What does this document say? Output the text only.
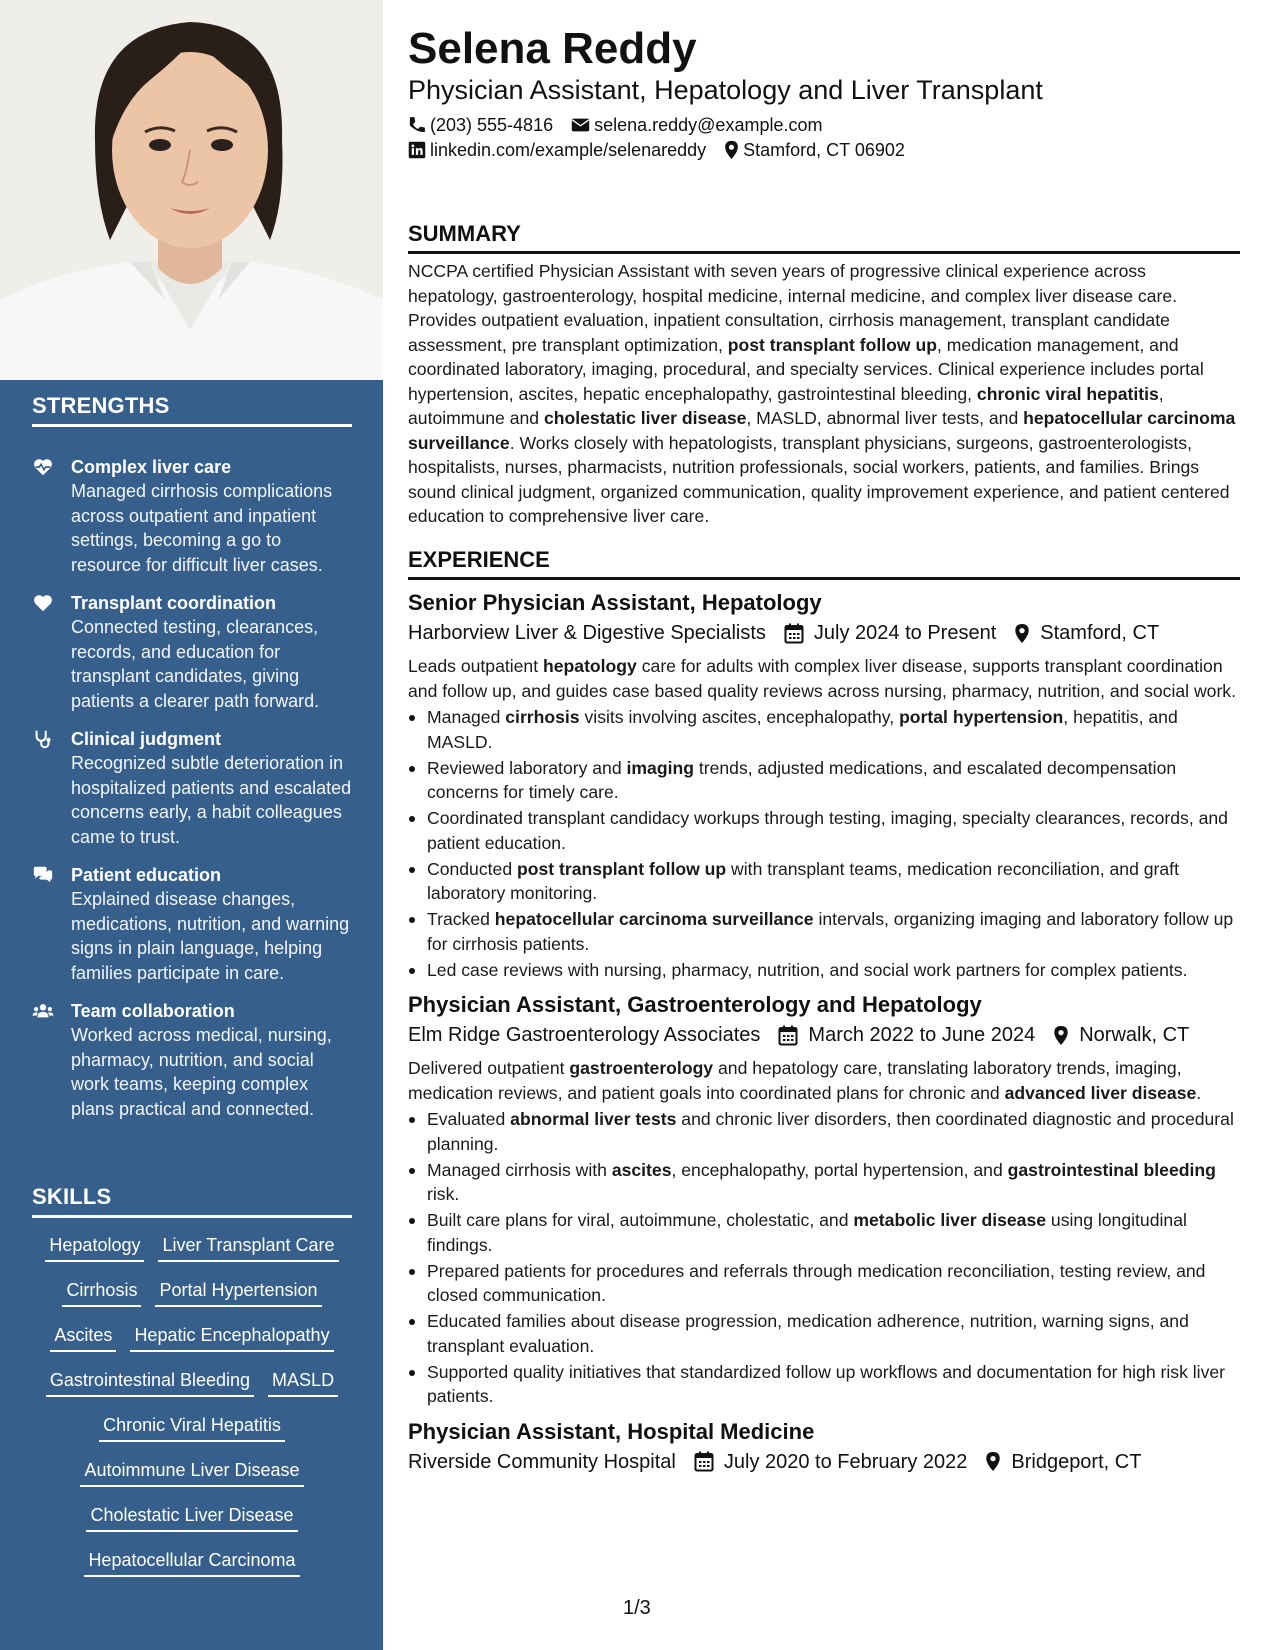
STRENGTHS
Complex liver care
Managed cirrhosis complications across outpatient and inpatient settings, becoming a go to resource for difficult liver cases.
Transplant coordination
Connected testing, clearances, records, and education for transplant candidates, giving patients a clearer path forward.
Clinical judgment
Recognized subtle deterioration in hospitalized patients and escalated concerns early, a habit colleagues came to trust.
Patient education
Explained disease changes, medications, nutrition, and warning signs in plain language, helping families participate in care.
Team collaboration
Worked across medical, nursing, pharmacy, nutrition, and social work teams, keeping complex plans practical and connected.
SKILLS
Hepatology Liver Transplant Care
Cirrhosis Portal Hypertension
Ascites Hepatic Encephalopathy
Gastrointestinal Bleeding MASLD
Chronic Viral Hepatitis
Autoimmune Liver Disease
Cholestatic Liver Disease
Hepatocellular Carcinoma
Selena Reddy
Physician Assistant, Hepatology and Liver Transplant
(203) 555-4816 selena.reddy@example.com
linkedin.com/example/selenareddy Stamford, CT 06902
SUMMARY
NCCPA certified Physician Assistant with seven years of progressive clinical experience across hepatology, gastroenterology, hospital medicine, internal medicine, and complex liver disease care. Provides outpatient evaluation, inpatient consultation, cirrhosis management, transplant candidate assessment, pre transplant optimization, post transplant follow up, medication management, and coordinated laboratory, imaging, procedural, and specialty services. Clinical experience includes portal hypertension, ascites, hepatic encephalopathy, gastrointestinal bleeding, chronic viral hepatitis, autoimmune and cholestatic liver disease, MASLD, abnormal liver tests, and hepatocellular carcinoma surveillance. Works closely with hepatologists, transplant physicians, surgeons, gastroenterologists, hospitalists, nurses, pharmacists, nutrition professionals, social workers, patients, and families. Brings sound clinical judgment, organized communication, quality improvement experience, and patient centered education to comprehensive liver care.
EXPERIENCE
Senior Physician Assistant, Hepatology
Harborview Liver & Digestive Specialists July 2024 to Present Stamford, CT
Leads outpatient hepatology care for adults with complex liver disease, supports transplant coordination and follow up, and guides case based quality reviews across nursing, pharmacy, nutrition, and social work.
Managed cirrhosis visits involving ascites, encephalopathy, portal hypertension, hepatitis, and MASLD.
Reviewed laboratory and imaging trends, adjusted medications, and escalated decompensation concerns for timely care.
Coordinated transplant candidacy workups through testing, imaging, specialty clearances, records, and patient education.
Conducted post transplant follow up with transplant teams, medication reconciliation, and graft laboratory monitoring.
Tracked hepatocellular carcinoma surveillance intervals, organizing imaging and laboratory follow up for cirrhosis patients.
Led case reviews with nursing, pharmacy, nutrition, and social work partners for complex patients.
Physician Assistant, Gastroenterology and Hepatology
Elm Ridge Gastroenterology Associates March 2022 to June 2024 Norwalk, CT
Delivered outpatient gastroenterology and hepatology care, translating laboratory trends, imaging, medication reviews, and patient goals into coordinated plans for chronic and advanced liver disease.
Evaluated abnormal liver tests and chronic liver disorders, then coordinated diagnostic and procedural planning.
Managed cirrhosis with ascites, encephalopathy, portal hypertension, and gastrointestinal bleeding risk.
Built care plans for viral, autoimmune, cholestatic, and metabolic liver disease using longitudinal findings.
Prepared patients for procedures and referrals through medication reconciliation, testing review, and closed communication.
Educated families about disease progression, medication adherence, nutrition, warning signs, and transplant evaluation.
Supported quality initiatives that standardized follow up workflows and documentation for high risk liver patients.
Physician Assistant, Hospital Medicine
Riverside Community Hospital July 2020 to February 2022 Bridgeport, CT
1/3
